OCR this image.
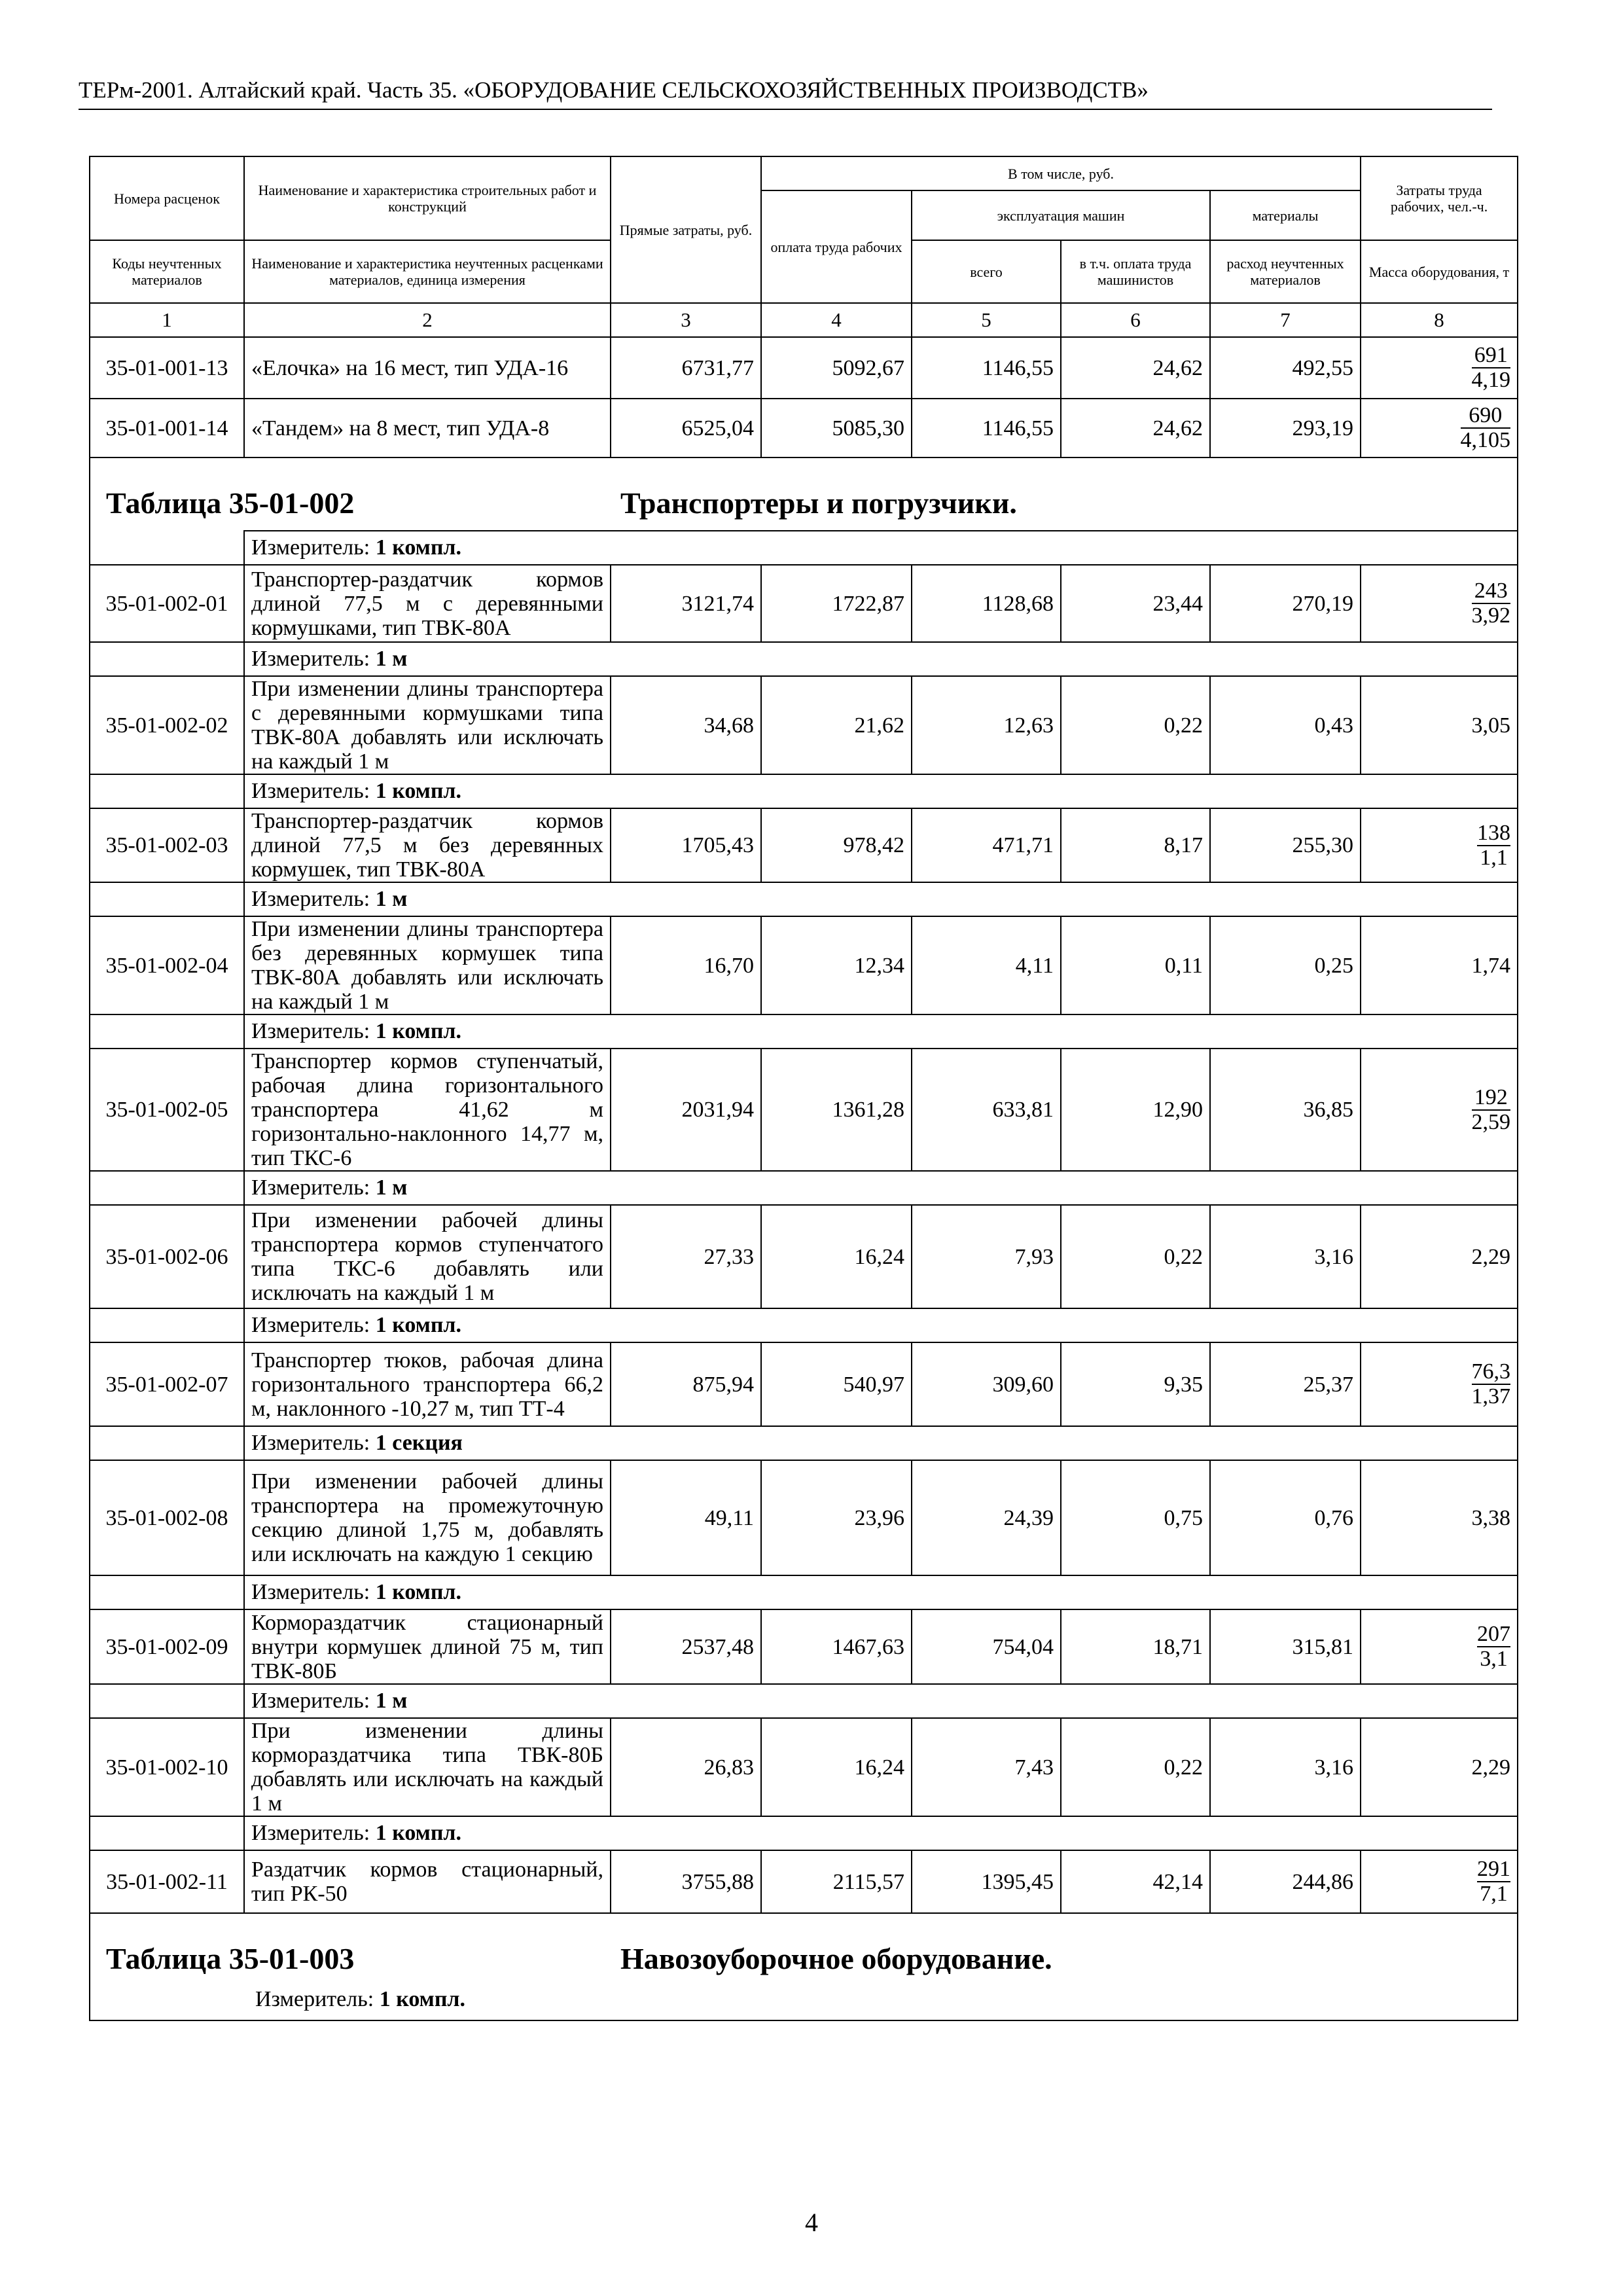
ТЕРм-2001. Алтайский край. Часть 35. «ОБОРУДОВАНИЕ СЕЛЬСКОХОЗЯЙСТВЕННЫХ ПРОИЗВОДСТВ»
Номера расценок	Наименование и характеристика строительных работ и конструкций	Прямые затраты, руб.	В том числе, руб.				Затраты труда рабочих, чел.-ч.
			оплата труда рабочих	эксплуатация машин		материалы	
Коды неучтенных материалов	Наименование и характеристика неучтенных расценками материалов, единица измерения			всего	в т.ч. оплата труда машинистов	расход неучтенных материалов	Масса оборудования, т
1	2	3	4	5	6	7	8
35-01-001-13	«Елочка» на 16 мест, тип УДА-16	6731,77	5092,67	1146,55	24,62	492,55	$\frac{691}{4,19}$

35-01-001-14	«Тандем» на 8 мест, тип УДА-8	6525,04	5085,30	1146,55	24,62	293,19	$\frac{690}{4,105}$

Таблица 35-01-002 Транспортеры и погрузчики.							

	Измеритель: 1 компл.						
35-01-002-01	Транспортер-раздатчик кормов длиной 77,5 м с деревянными кормушками, тип ТВК-80А	3121,74	1722,87	1128,68	23,44	270,19	$\frac{243}{3,92}$

	Измеритель: 1 м						
35-01-002-02	При изменении длины транспортера с деревянными кормушками типа ТВК-80А добавлять или исключать на каждый 1 м	34,68	21,62	12,63	0,22	0,43	3,05
	Измеритель: 1 компл.						
35-01-002-03	Транспортер-раздатчик кормов длиной 77,5 м без деревянных кормушек, тип ТВК-80А	1705,43	978,42	471,71	8,17	255,30	$\frac{138}{1,1}$

	Измеритель: 1 м						
35-01-002-04	При изменении длины транспортера без деревянных кормушек типа ТВК-80А добавлять или исключать на каждый 1 м	16,70	12,34	4,11	0,11	0,25	1,74
	Измеритель: 1 компл.						
35-01-002-05	Транспортер кормов ступенчатый, рабочая длина горизонтального транспортера 41,62 м горизонтально-наклонного 14,77 м, тип ТКС-6	2031,94	1361,28	633,81	12,90	36,85	$\frac{192}{2,59}$

	Измеритель: 1 м						
35-01-002-06	При изменении рабочей длины транспортера кормов ступенчатого типа ТКС-6 добавлять или исключать на каждый 1 м	27,33	16,24	7,93	0,22	3,16	2,29
	Измеритель: 1 компл.						
35-01-002-07	Транспортер тюков, рабочая длина горизонтального транспортера 66,2 м, наклонного -10,27 м, тип ТТ-4	875,94	540,97	309,60	9,35	25,37	$\frac{76,3}{1,37}$

	Измеритель: 1 секция						
35-01-002-08	При изменении рабочей длины транспортера на промежуточную секцию длиной 1,75 м, добавлять или исключать на каждую 1 секцию	49,11	23,96	24,39	0,75	0,76	3,38
	Измеритель: 1 компл.						
35-01-002-09	Кормораздатчик стационарный внутри кормушек длиной 75 м, тип ТВК-80Б	2537,48	1467,63	754,04	18,71	315,81	$\frac{207}{3,1}$

	Измеритель: 1 м						
35-01-002-10	При изменении длины кормораздатчика типа ТВК-80Б добавлять или исключать на каждый 1 м	26,83	16,24	7,43	0,22	3,16	2,29
	Измеритель: 1 компл.						
35-01-002-11	Раздатчик кормов стационарный, тип РК-50	3755,88	2115,57	1395,45	42,14	244,86	$\frac{291}{7,1}$

Таблица 35-01-003 Навозоуборочное оборудование.
Измеритель: 1 компл.							
4
